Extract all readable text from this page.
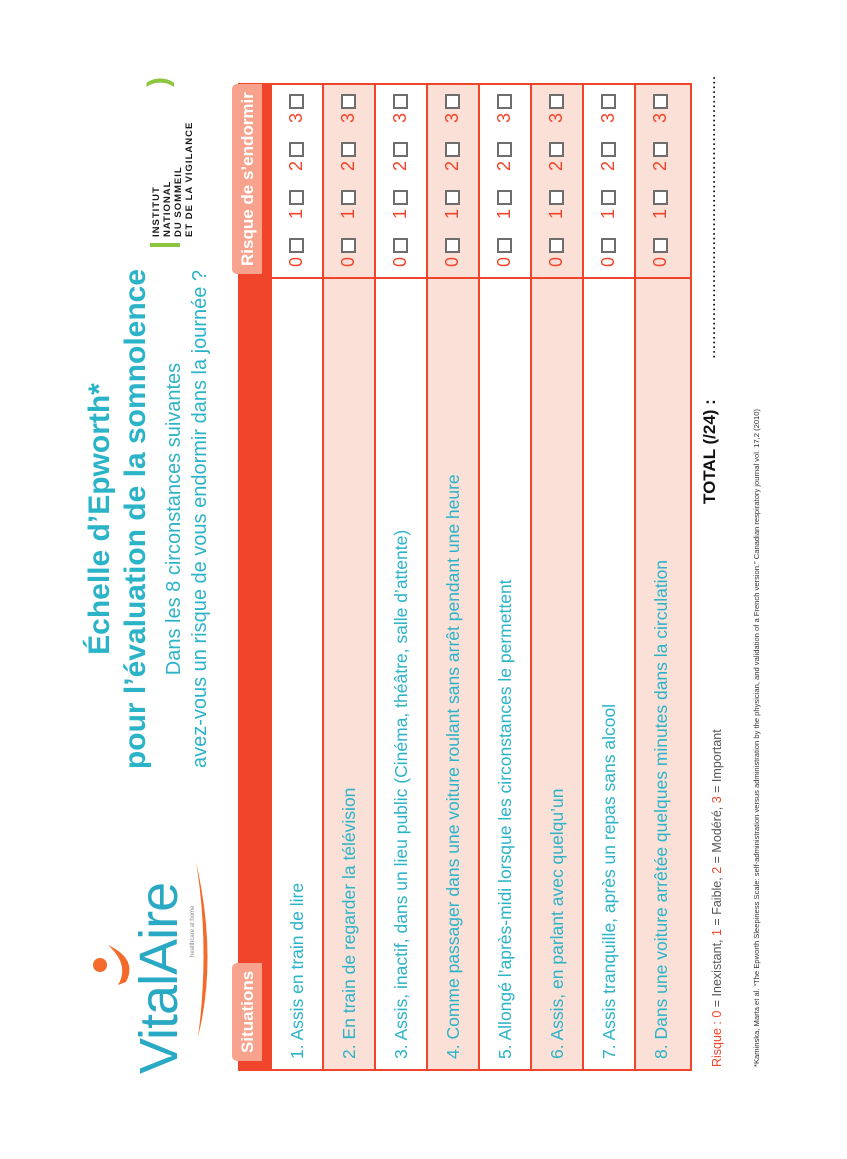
VitalAire healthcare at home
Échelle d’Epworth* pour l’évaluation de la somnolence Dans les 8 circonstances suivantes avez-vous un risque de vous endormir dans la journée ?
INSTITUT NATIONAL DU SOMMEIL ET DE LA VIGILANCE
)
Situations
Risque de s’endormir
1. Assis en train de lire
0
1
2
3
2. En train de regarder la télévision
0
1
2
3
3. Assis, inactif, dans un lieu public (Cinéma, théâtre, salle d’attente)
0
1
2
3
4. Comme passager dans une voiture roulant sans arrêt pendant une heure
0
1
2
3
5. Allongé l’après-midi lorsque les circonstances le permettent
0
1
2
3
6. Assis, en parlant avec quelqu’un
0
1
2
3
7. Assis tranquille, après un repas sans alcool
0
1
2
3
8. Dans une voiture arrêtée quelques minutes dans la circulation
0
1
2
3
Risque : 0 = Inexistant, 1 = Faible, 2 = Modéré, 3 = Important
TOTAL (/24) :
............................................................
*Kaminska, Marta et al. “The Epworth Sleepiness Scale: self-administration versus administration by the physician, and validation of a French version.” Canadian respiratory journal vol. 17,2 (2010)
